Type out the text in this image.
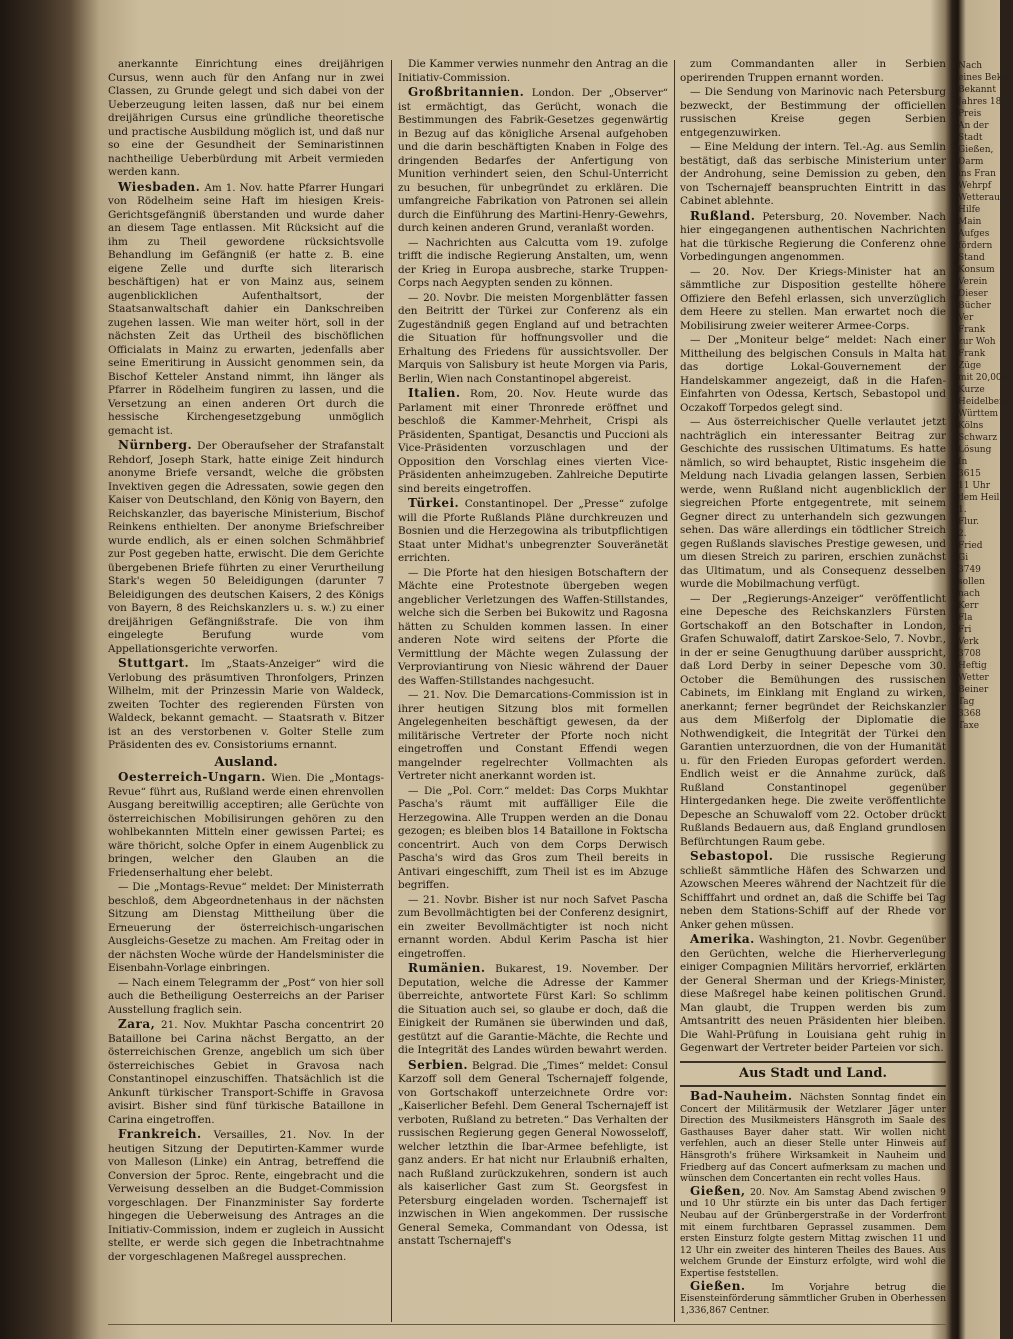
anerkannte Einrichtung eines dreijährigen Cursus, wenn auch für den Anfang nur in zwei Classen, zu Grunde gelegt und sich dabei von der Ueberzeugung leiten lassen, daß nur bei einem dreijährigen Cursus eine gründliche theoretische und practische Ausbildung möglich ist, und daß nur so eine der Gesundheit der Seminaristinnen nachtheilige Ueberbürdung mit Arbeit vermieden werden kann.

Wiesbaden. Am 1. Nov. hatte Pfarrer Hungari von Rödelheim seine Haft im hiesigen Kreis-Gerichtsgefängniß überstanden und wurde daher an diesem Tage entlassen. Mit Rücksicht auf die ihm zu Theil gewordene rücksichtsvolle Behandlung im Gefängniß (er hatte z. B. eine eigene Zelle und durfte sich literarisch beschäftigen) hat er von Mainz aus, seinem augenblicklichen Aufenthaltsort, der Staatsanwaltschaft dahier ein Dankschreiben zugehen lassen. Wie man weiter hört, soll in der nächsten Zeit das Urtheil des bischöflichen Officialats in Mainz zu erwarten, jedenfalls aber seine Emeritirung in Aussicht genommen sein, da Bischof Ketteler Anstand nimmt, ihn länger als Pfarrer in Rödelheim fungiren zu lassen, und die Versetzung an einen anderen Ort durch die hessische Kirchengesetzgebung unmöglich gemacht ist.

Nürnberg. Der Oberaufseher der Strafanstalt Rehdorf, Joseph Stark, hatte einige Zeit hindurch anonyme Briefe versandt, welche die gröbsten Invektiven gegen die Adressaten, sowie gegen den Kaiser von Deutschland, den König von Bayern, den Reichskanzler, das bayerische Ministerium, Bischof Reinkens enthielten. Der anonyme Briefschreiber wurde endlich, als er einen solchen Schmähbrief zur Post gegeben hatte, erwischt. Die dem Gerichte übergebenen Briefe führten zu einer Verurtheilung Stark's wegen 50 Beleidigungen (darunter 7 Beleidigungen des deutschen Kaisers, 2 des Königs von Bayern, 8 des Reichskanzlers u. s. w.) zu einer dreijährigen Gefängnißstrafe. Die von ihm eingelegte Berufung wurde vom Appellationsgerichte verworfen.

Stuttgart. Im „Staats-Anzeiger“ wird die Verlobung des präsumtiven Thronfolgers, Prinzen Wilhelm, mit der Prinzessin Marie von Waldeck, zweiten Tochter des regierenden Fürsten von Waldeck, bekannt gemacht. — Staatsrath v. Bitzer ist an des verstorbenen v. Golter Stelle zum Präsidenten des ev. Consistoriums ernannt.

Ausland.

Oesterreich-Ungarn. Wien. Die „Montags-Revue“ führt aus, Rußland werde einen ehrenvollen Ausgang bereitwillig acceptiren; alle Gerüchte von österreichischen Mobilisirungen gehören zu den wohlbekannten Mitteln einer gewissen Partei; es wäre thöricht, solche Opfer in einem Augenblick zu bringen, welcher den Glauben an die Friedenserhaltung eher belebt.

— Die „Montags-Revue“ meldet: Der Ministerrath beschloß, dem Abgeordnetenhaus in der nächsten Sitzung am Dienstag Mittheilung über die Erneuerung der österreichisch-ungarischen Ausgleichs-Gesetze zu machen. Am Freitag oder in der nächsten Woche würde der Handelsminister die Eisenbahn-Vorlage einbringen.

— Nach einem Telegramm der „Post“ von hier soll auch die Betheiligung Oesterreichs an der Pariser Ausstellung fraglich sein.

Zara, 21. Nov. Mukhtar Pascha concentrirt 20 Bataillone bei Carina nächst Bergatto, an der österreichischen Grenze, angeblich um sich über österreichisches Gebiet in Gravosa nach Constantinopel einzuschiffen. Thatsächlich ist die Ankunft türkischer Transport-Schiffe in Gravosa avisirt. Bisher sind fünf türkische Bataillone in Carina eingetroffen.

Frankreich. Versailles, 21. Nov. In der heutigen Sitzung der Deputirten-Kammer wurde von Malleson (Linke) ein Antrag, betreffend die Conversion der 5proc. Rente, eingebracht und die Verweisung desselben an die Budget-Commission vorgeschlagen. Der Finanzminister Say forderte hingegen die Ueberweisung des Antrages an die Initiativ-Commission, indem er zugleich in Aussicht stellte, er werde sich gegen die Inbetrachtnahme der vorgeschlagenen Maßregel aussprechen.

Die Kammer verwies nunmehr den Antrag an die Initiativ-Commission.

Großbritannien. London. Der „Observer“ ist ermächtigt, das Gerücht, wonach die Bestimmungen des Fabrik-Gesetzes gegenwärtig in Bezug auf das königliche Arsenal aufgehoben und die darin beschäftigten Knaben in Folge des dringenden Bedarfes der Anfertigung von Munition verhindert seien, den Schul-Unterricht zu besuchen, für unbegründet zu erklären. Die umfangreiche Fabrikation von Patronen sei allein durch die Einführung des Martini-Henry-Gewehrs, durch keinen anderen Grund, veranlaßt worden.

— Nachrichten aus Calcutta vom 19. zufolge trifft die indische Regierung Anstalten, um, wenn der Krieg in Europa ausbreche, starke Truppen-Corps nach Aegypten senden zu können.

— 20. Novbr. Die meisten Morgenblätter fassen den Beitritt der Türkei zur Conferenz als ein Zugeständniß gegen England auf und betrachten die Situation für hoffnungsvoller und die Erhaltung des Friedens für aussichtsvoller. Der Marquis von Salisbury ist heute Morgen via Paris, Berlin, Wien nach Constantinopel abgereist.

Italien. Rom, 20. Nov. Heute wurde das Parlament mit einer Thronrede eröffnet und beschloß die Kammer-Mehrheit, Crispi als Präsidenten, Spantigat, Desanctis und Puccioni als Vice-Präsidenten vorzuschlagen und der Opposition den Vorschlag eines vierten Vice-Präsidenten anheimzugeben. Zahlreiche Deputirte sind bereits eingetroffen.

Türkei. Constantinopel. Der „Presse“ zufolge will die Pforte Rußlands Pläne durchkreuzen und Bosnien und die Herzegowina als tributpflichtigen Staat unter Midhat's unbegrenzter Souveränetät errichten.

— Die Pforte hat den hiesigen Botschaftern der Mächte eine Protestnote übergeben wegen angeblicher Verletzungen des Waffen-Stillstandes, welche sich die Serben bei Bukowitz und Ragosna hätten zu Schulden kommen lassen. In einer anderen Note wird seitens der Pforte die Vermittlung der Mächte wegen Zulassung der Verproviantirung von Niesic während der Dauer des Waffen-Stillstandes nachgesucht.

— 21. Nov. Die Demarcations-Commission ist in ihrer heutigen Sitzung blos mit formellen Angelegenheiten beschäftigt gewesen, da der militärische Vertreter der Pforte noch nicht eingetroffen und Constant Effendi wegen mangelnder regelrechter Vollmachten als Vertreter nicht anerkannt worden ist.

— Die „Pol. Corr.“ meldet: Das Corps Mukhtar Pascha's räumt mit auffälliger Eile die Herzegowina. Alle Truppen werden an die Donau gezogen; es bleiben blos 14 Bataillone in Foktscha concentrirt. Auch von dem Corps Derwisch Pascha's wird das Gros zum Theil bereits in Antivari eingeschifft, zum Theil ist es im Abzuge begriffen.

— 21. Novbr. Bisher ist nur noch Safvet Pascha zum Bevollmächtigten bei der Conferenz designirt, ein zweiter Bevollmächtigter ist noch nicht ernannt worden. Abdul Kerim Pascha ist hier eingetroffen.

Rumänien. Bukarest, 19. November. Der Deputation, welche die Adresse der Kammer überreichte, antwortete Fürst Karl: So schlimm die Situation auch sei, so glaube er doch, daß die Einigkeit der Rumänen sie überwinden und daß, gestützt auf die Garantie-Mächte, die Rechte und die Integrität des Landes würden bewahrt werden.

Serbien. Belgrad. Die „Times“ meldet: Consul Karzoff soll dem General Tschernajeff folgende, von Gortschakoff unterzeichnete Ordre vor: „Kaiserlicher Befehl. Dem General Tschernajeff ist verboten, Rußland zu betreten.“ Das Verhalten der russischen Regierung gegen General Nowosseloff, welcher letzthin die Ibar-Armee befehligte, ist ganz anders. Er hat nicht nur Erlaubniß erhalten, nach Rußland zurückzukehren, sondern ist auch als kaiserlicher Gast zum St. Georgsfest in Petersburg eingeladen worden. Tschernajeff ist inzwischen in Wien angekommen. Der russische General Semeka, Commandant von Odessa, ist anstatt Tschernajeff's

zum Commandanten aller in Serbien operirenden Truppen ernannt worden.

— Die Sendung von Marinovic nach Petersburg bezweckt, der Bestimmung der officiellen russischen Kreise gegen Serbien entgegenzuwirken.

— Eine Meldung der intern. Tel.-Ag. aus Semlin bestätigt, daß das serbische Ministerium unter der Androhung, seine Demission zu geben, den von Tschernajeff beanspruchten Eintritt in das Cabinet ablehnte.

Rußland. Petersburg, 20. November. Nach hier eingegangenen authentischen Nachrichten hat die türkische Regierung die Conferenz ohne Vorbedingungen angenommen.

— 20. Nov. Der Kriegs-Minister hat an sämmtliche zur Disposition gestellte höhere Offiziere den Befehl erlassen, sich unverzüglich dem Heere zu stellen. Man erwartet noch die Mobilisirung zweier weiterer Armee-Corps.

— Der „Moniteur belge“ meldet: Nach einer Mittheilung des belgischen Consuls in Malta hat das dortige Lokal-Gouvernement der Handelskammer angezeigt, daß in die Hafen-Einfahrten von Odessa, Kertsch, Sebastopol und Oczakoff Torpedos gelegt sind.

— Aus österreichischer Quelle verlautet jetzt nachträglich ein interessanter Beitrag zur Geschichte des russischen Ultimatums. Es hatte nämlich, so wird behauptet, Ristic insgeheim die Meldung nach Livadia gelangen lassen, Serbien werde, wenn Rußland nicht augenblicklich der siegreichen Pforte entgegentrete, mit seinem Gegner direct zu unterhandeln sich gezwungen sehen. Das wäre allerdings ein tödtlicher Streich gegen Rußlands slavisches Prestige gewesen, und um diesen Streich zu pariren, erschien zunächst das Ultimatum, und als Consequenz desselben wurde die Mobilmachung verfügt.

— Der „Regierungs-Anzeiger“ veröffentlicht eine Depesche des Reichskanzlers Fürsten Gortschakoff an den Botschafter in London, Grafen Schuwaloff, datirt Zarskoe-Selo, 7. Novbr., in der er seine Genugthuung darüber ausspricht, daß Lord Derby in seiner Depesche vom 30. October die Bemühungen des russischen Cabinets, im Einklang mit England zu wirken, anerkannt; ferner begründet der Reichskanzler aus dem Mißerfolg der Diplomatie die Nothwendigkeit, die Integrität der Türkei den Garantien unterzuordnen, die von der Humanität u. für den Frieden Europas gefordert werden. Endlich weist er die Annahme zurück, daß Rußland Constantinopel gegenüber Hintergedanken hege. Die zweite veröffentlichte Depesche an Schuwaloff vom 22. October drückt Rußlands Bedauern aus, daß England grundlosen Befürchtungen Raum gebe.

Sebastopol. Die russische Regierung schließt sämmtliche Häfen des Schwarzen und Azowschen Meeres während der Nachtzeit für die Schifffahrt und ordnet an, daß die Schiffe bei Tag neben dem Stations-Schiff auf der Rhede vor Anker gehen müssen.

Amerika. Washington, 21. Novbr. Gegenüber den Gerüchten, welche die Hierherverlegung einiger Compagnien Militärs hervorrief, erklärten der General Sherman und der Kriegs-Minister, diese Maßregel habe keinen politischen Grund. Man glaubt, die Truppen werden bis zum Amtsantritt des neuen Präsidenten hier bleiben. Die Wahl-Prüfung in Louisiana geht ruhig in Gegenwart der Vertreter beider Parteien vor sich.

Aus Stadt und Land.

Bad-Nauheim. Nächsten Sonntag findet ein Concert der Militärmusik der Wetzlarer Jäger unter Direction des Musikmeisters Hänsgroth im Saale des Gasthauses Bayer daher statt. Wir wollen nicht verfehlen, auch an dieser Stelle unter Hinweis auf Hänsgroth's frühere Wirksamkeit in Nauheim und Friedberg auf das Concert aufmerksam zu machen und wünschen dem Concertanten ein recht volles Haus.

Gießen, 20. Nov. Am Samstag Abend zwischen 9 und 10 Uhr stürzte ein bis unter das Dach fertiger Neubau auf der Grünbergerstraße in der Vorderfront mit einem furchtbaren Geprassel zusammen. Dem ersten Einsturz folgte gestern Mittag zwischen 11 und 12 Uhr ein zweiter des hinteren Theiles des Baues. Aus welchem Grunde der Einsturz erfolgte, wird wohl die Expertise feststellen.

Gießen.	Im Vorjahre betrug die Eisensteinförderung sämmtlicher Gruben in Oberhessen 1,336,867 Centner.

Nach
eines Bekan
Bekannt
Jahres 18
Preis
An der
Stadt
Gießen,
Darm
ins Fran
Wehrpf
Wetterau
Hilfe
Main
Aufges
fördern
Stand
Konsum
Verein
Dieser
Bücher
Ver
Frank
zur Woh
Frank
Züge
mit 20,000
Kurze
Heidelberg
Württem
Kölns
Schwarz
Lösung
In
3615
11 Uhr
dem Heil
1.
Flur.
2.
Fried
Gi
3749
sollen
nach
Kerr
Fla
Fri
Verk
3708
Heftig
Wetter
Beiner
Tag
3368
Taxe
